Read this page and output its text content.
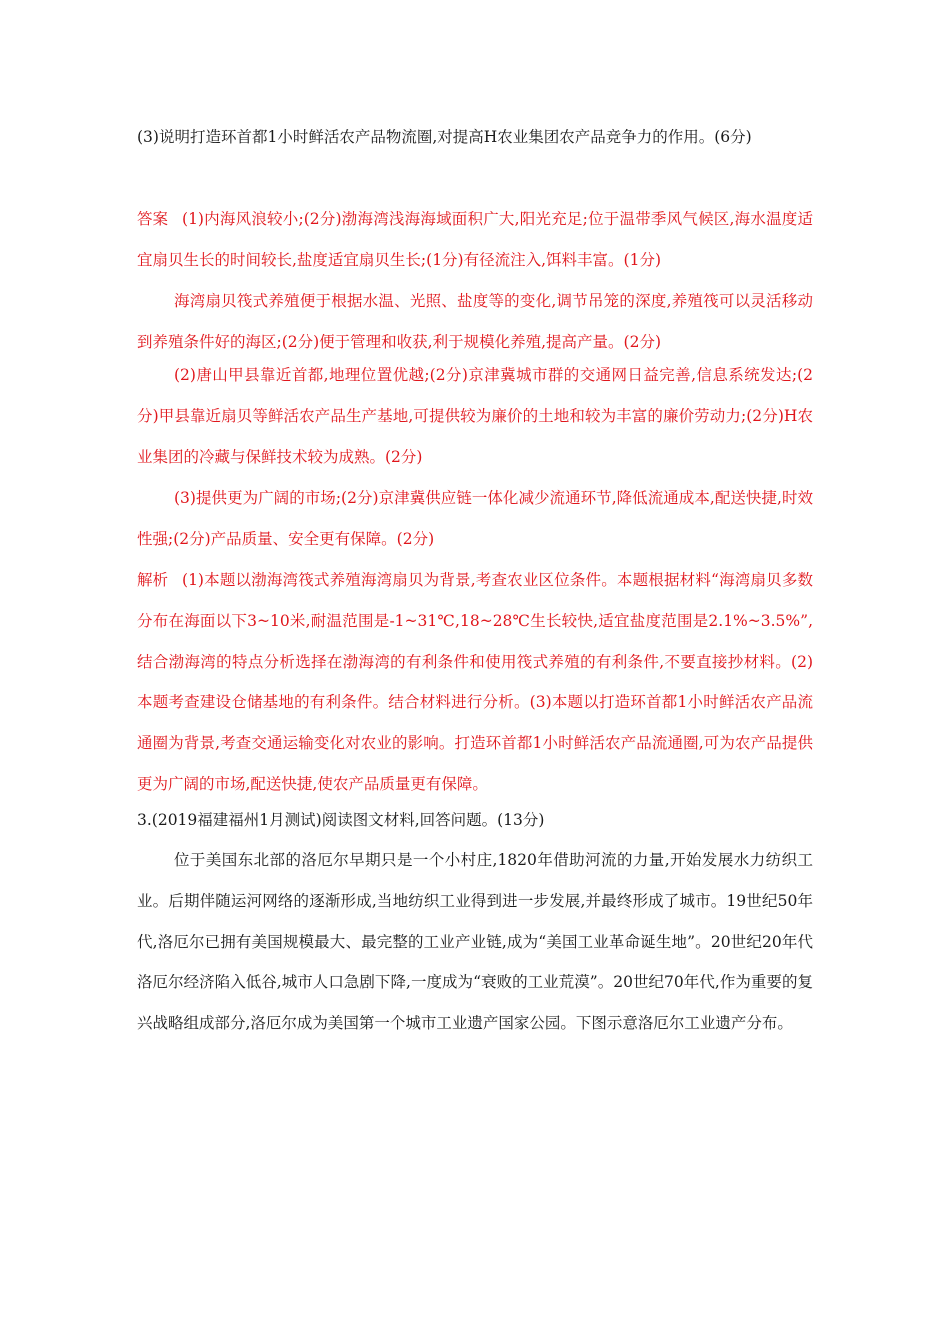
(3)说明打造环首都1小时鲜活农产品物流圈,对提高H农业集团农产品竞争力的作用。(6分)

答案 (1)内海风浪较小;(2分)渤海湾浅海海域面积广大,阳光充足;位于温带季风气候区,海水温度适宜扇贝生长的时间较长,盐度适宜扇贝生长;(1分)有径流注入,饵料丰富。(1分)

海湾扇贝筏式养殖便于根据水温、光照、盐度等的变化,调节吊笼的深度,养殖筏可以灵活移动到养殖条件好的海区;(2分)便于管理和收获,利于规模化养殖,提高产量。(2分)

(2)唐山甲县靠近首都,地理位置优越;(2分)京津冀城市群的交通网日益完善,信息系统发达;(2分)甲县靠近扇贝等鲜活农产品生产基地,可提供较为廉价的土地和较为丰富的廉价劳动力;(2分)H农业集团的冷藏与保鲜技术较为成熟。(2分)

(3)提供更为广阔的市场;(2分)京津冀供应链一体化减少流通环节,降低流通成本,配送快捷,时效性强;(2分)产品质量、安全更有保障。(2分)

解析 (1)本题以渤海湾筏式养殖海湾扇贝为背景,考查农业区位条件。本题根据材料“海湾扇贝多数分布在海面以下3~10米,耐温范围是-1~31℃,18~28℃生长较快,适宜盐度范围是2.1%~3.5%”,结合渤海湾的特点分析选择在渤海湾的有利条件和使用筏式养殖的有利条件,不要直接抄材料。(2)本题考查建设仓储基地的有利条件。结合材料进行分析。(3)本题以打造环首都1小时鲜活农产品流通圈为背景,考查交通运输变化对农业的影响。打造环首都1小时鲜活农产品流通圈,可为农产品提供更为广阔的市场,配送快捷,使农产品质量更有保障。

3.(2019福建福州1月测试)阅读图文材料,回答问题。(13分)

位于美国东北部的洛厄尔早期只是一个小村庄,1820年借助河流的力量,开始发展水力纺织工业。后期伴随运河网络的逐渐形成,当地纺织工业得到进一步发展,并最终形成了城市。19世纪50年代,洛厄尔已拥有美国规模最大、最完整的工业产业链,成为“美国工业革命诞生地”。20世纪20年代洛厄尔经济陷入低谷,城市人口急剧下降,一度成为“衰败的工业荒漠”。20世纪70年代,作为重要的复兴战略组成部分,洛厄尔成为美国第一个城市工业遗产国家公园。下图示意洛厄尔工业遗产分布。
